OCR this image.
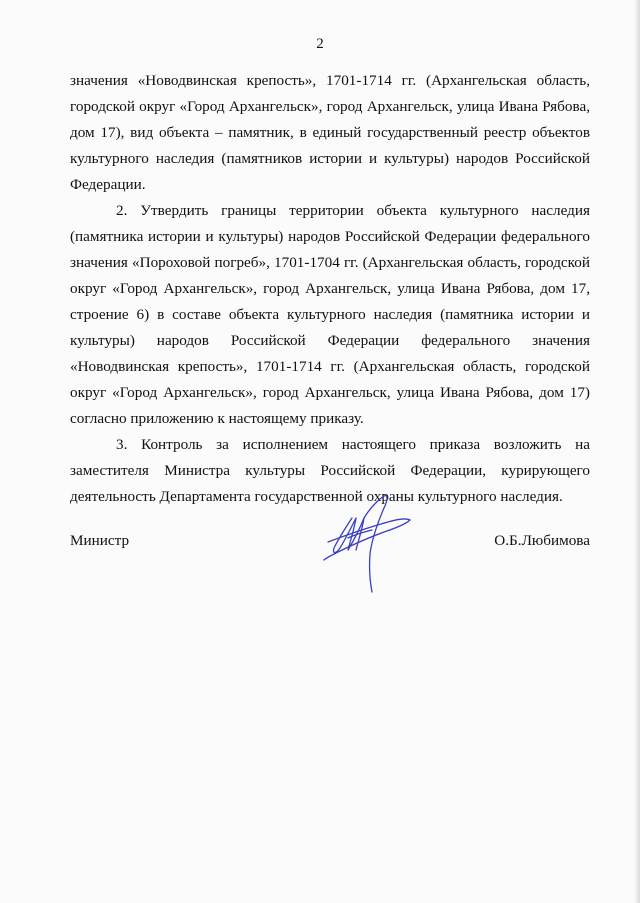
2

значения «Новодвинская крепость», 1701-1714 гг. (Архангельская область, городской округ «Город Архангельск», город Архангельск, улица Ивана Рябова, дом 17), вид объекта – памятник, в единый государственный реестр объектов культурного наследия (памятников истории и культуры) народов Российской Федерации.

2. Утвердить границы территории объекта культурного наследия (памятника истории и культуры) народов Российской Федерации федерального значения «Пороховой погреб», 1701-1704 гг. (Архангельская область, городской округ «Город Архангельск», город Архангельск, улица Ивана Рябова, дом 17, строение 6) в составе объекта культурного наследия (памятника истории и культуры) народов Российской Федерации федерального значения «Новодвинская крепость», 1701-1714 гг. (Архангельская область, городской округ «Город Архангельск», город Архангельск, улица Ивана Рябова, дом 17) согласно приложению к настоящему приказу.

3. Контроль за исполнением настоящего приказа возложить на заместителя Министра культуры Российской Федерации, курирующего деятельность Департамента государственной охраны культурного наследия.

Министр	О.Б.Любимова
